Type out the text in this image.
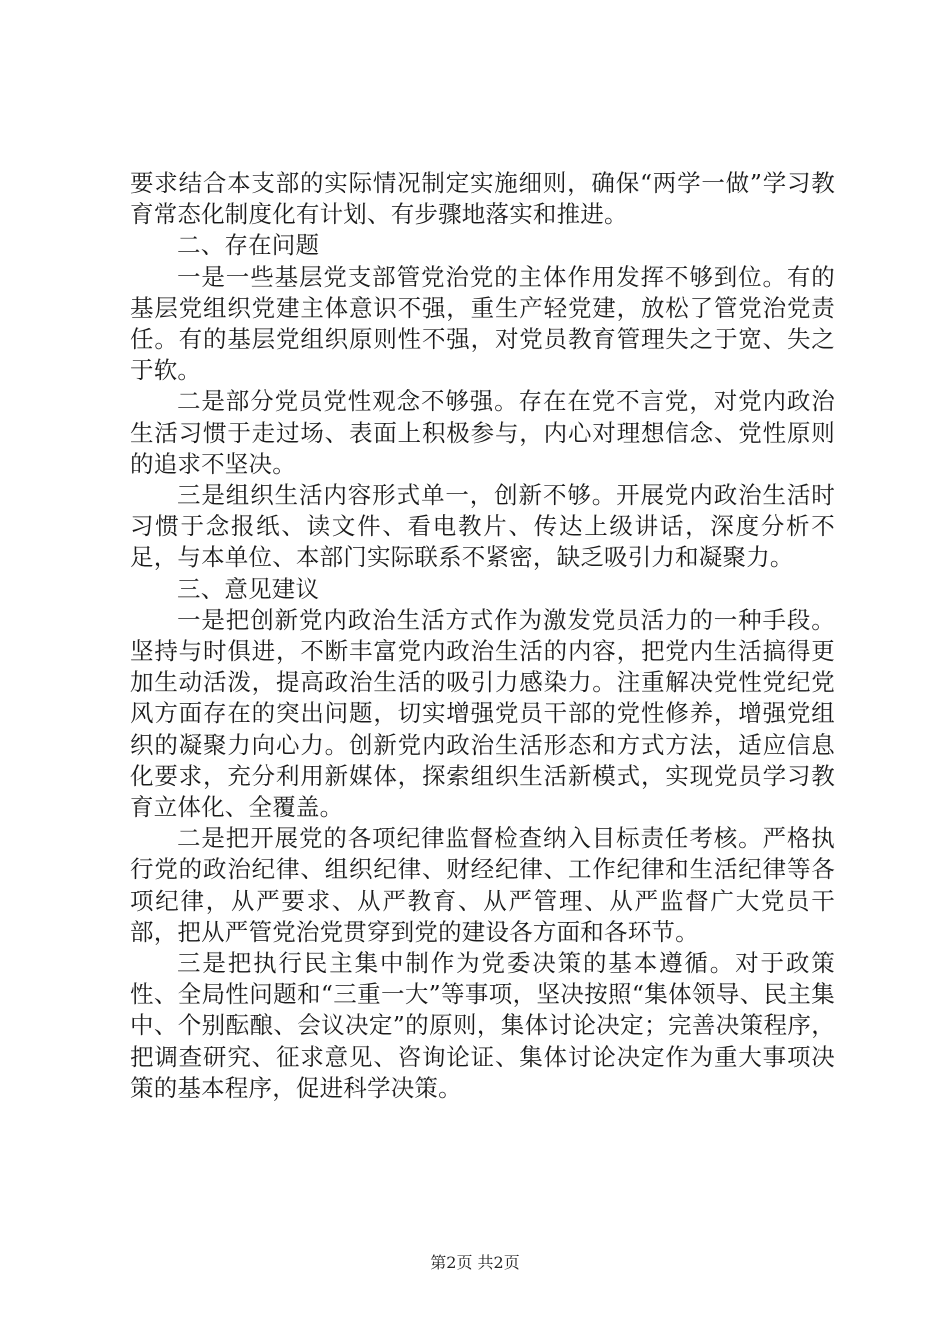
要求结合本支部的实际情况制定实施细则，确保“两学一做”学习教育常态化制度化有计划、有步骤地落实和推进。

二、存在问题

一是一些基层党支部管党治党的主体作用发挥不够到位。有的基层党组织党建主体意识不强，重生产轻党建，放松了管党治党责任。有的基层党组织原则性不强，对党员教育管理失之于宽、失之于软。

二是部分党员党性观念不够强。存在在党不言党，对党内政治生活习惯于走过场、表面上积极参与，内心对理想信念、党性原则的追求不坚决。

三是组织生活内容形式单一，创新不够。开展党内政治生活时习惯于念报纸、读文件、看电教片、传达上级讲话，深度分析不足，与本单位、本部门实际联系不紧密，缺乏吸引力和凝聚力。

三、意见建议

一是把创新党内政治生活方式作为激发党员活力的一种手段。坚持与时俱进，不断丰富党内政治生活的内容，把党内生活搞得更加生动活泼，提高政治生活的吸引力感染力。注重解决党性党纪党风方面存在的突出问题，切实增强党员干部的党性修养，增强党组织的凝聚力向心力。创新党内政治生活形态和方式方法，适应信息化要求，充分利用新媒体，探索组织生活新模式，实现党员学习教育立体化、全覆盖。

二是把开展党的各项纪律监督检查纳入目标责任考核。严格执行党的政治纪律、组织纪律、财经纪律、工作纪律和生活纪律等各项纪律，从严要求、从严教育、从严管理、从严监督广大党员干部，把从严管党治党贯穿到党的建设各方面和各环节。

三是把执行民主集中制作为党委决策的基本遵循。对于政策性、全局性问题和“三重一大”等事项，坚决按照“集体领导、民主集中、个别酝酿、会议决定”的原则，集体讨论决定；完善决策程序，把调查研究、征求意见、咨询论证、集体讨论决定作为重大事项决策的基本程序，促进科学决策。

第2页 共2页
